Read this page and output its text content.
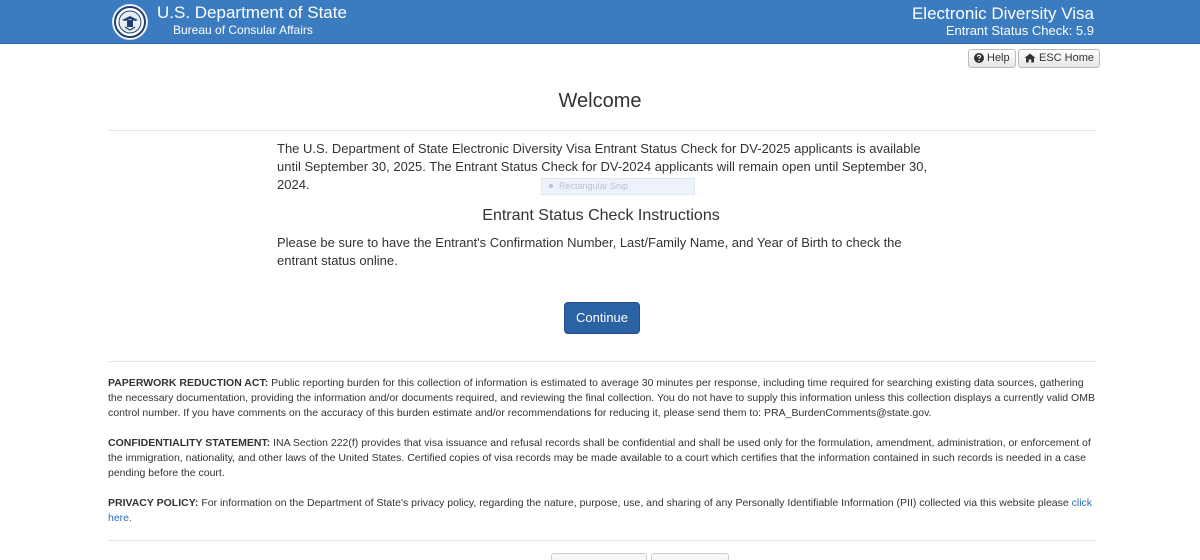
U.S. Department of State
Bureau of Consular Affairs
Electronic Diversity Visa
Entrant Status Check: 5.9
Help	ESC Home
Welcome
The U.S. Department of State Electronic Diversity Visa Entrant Status Check for DV-2025 applicants is available until September 30, 2025. The Entrant Status Check for DV-2024 applicants will remain open until September 30, 2024.	Rectangular Snip
Entrant Status Check Instructions
Please be sure to have the Entrant's Confirmation Number, Last/Family Name, and Year of Birth to check the entrant status online.
Continue
PAPERWORK REDUCTION ACT: Public reporting burden for this collection of information is estimated to average 30 minutes per response, including time required for searching existing data sources, gathering the necessary documentation, providing the information and/or documents required, and reviewing the final collection. You do not have to supply this information unless this collection displays a currently valid OMB control number. If you have comments on the accuracy of this burden estimate and/or recommendations for reducing it, please send them to: PRA_BurdenComments@state.gov.
CONFIDENTIALITY STATEMENT: INA Section 222(f) provides that visa issuance and refusal records shall be confidential and shall be used only for the formulation, amendment, administration, or enforcement of the immigration, nationality, and other laws of the United States. Certified copies of visa records may be made available to a court which certifies that the information contained in such records is needed in a case pending before the court.
PRIVACY POLICY: For information on the Department of State's privacy policy, regarding the nature, purpose, use, and sharing of any Personally Identifiable Information (PII) collected via this website please click here.
